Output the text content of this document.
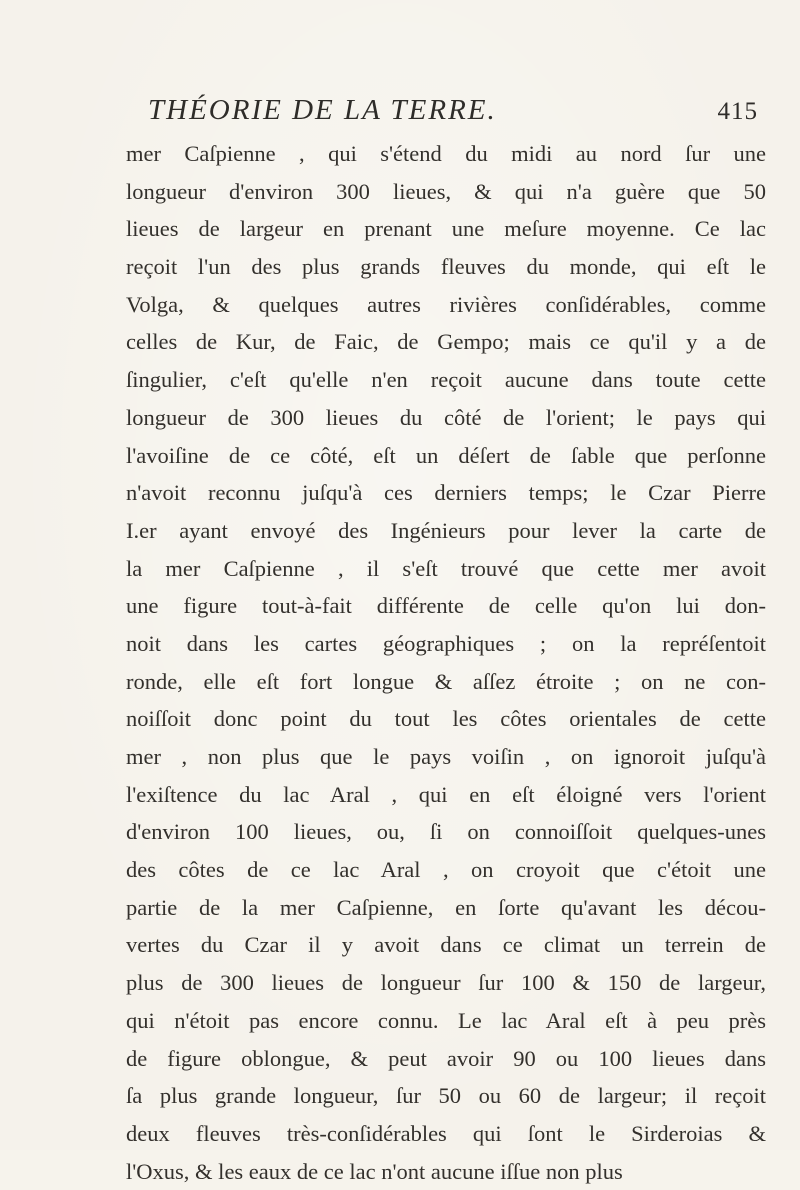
THÉORIE DE LA TERRE.	415
mer Caſpienne , qui s'étend du midi au nord ſur une
longueur d'environ 300 lieues, & qui n'a guère que 50
lieues de largeur en prenant une meſure moyenne. Ce lac
reçoit l'un des plus grands fleuves du monde, qui eſt le
Volga, & quelques autres rivières conſidérables, comme
celles de Kur, de Faic, de Gempo; mais ce qu'il y a de
ſingulier, c'eſt qu'elle n'en reçoit aucune dans toute cette
longueur de 300 lieues du côté de l'orient; le pays qui
l'avoiſine de ce côté, eſt un déſert de ſable que perſonne
n'avoit reconnu juſqu'à ces derniers temps; le Czar Pierre
I.er ayant envoyé des Ingénieurs pour lever la carte de
la mer Caſpienne , il s'eſt trouvé que cette mer avoit
une figure tout-à-fait différente de celle qu'on lui don-
noit dans les cartes géographiques ; on la repréſentoit
ronde, elle eſt fort longue & aſſez étroite ; on ne con-
noiſſoit donc point du tout les côtes orientales de cette
mer , non plus que le pays voiſin , on ignoroit juſqu'à
l'exiſtence du lac Aral , qui en eſt éloigné vers l'orient
d'environ 100 lieues, ou, ſi on connoiſſoit quelques-unes
des côtes de ce lac Aral , on croyoit que c'étoit une
partie de la mer Caſpienne, en ſorte qu'avant les décou-
vertes du Czar il y avoit dans ce climat un terrein de
plus de 300 lieues de longueur ſur 100 & 150 de largeur,
qui n'étoit pas encore connu. Le lac Aral eſt à peu près
de figure oblongue, & peut avoir 90 ou 100 lieues dans
ſa plus grande longueur, ſur 50 ou 60 de largeur; il reçoit
deux fleuves très-conſidérables qui ſont le Sirderoias &
l'Oxus, & les eaux de ce lac n'ont aucune iſſue non plus
